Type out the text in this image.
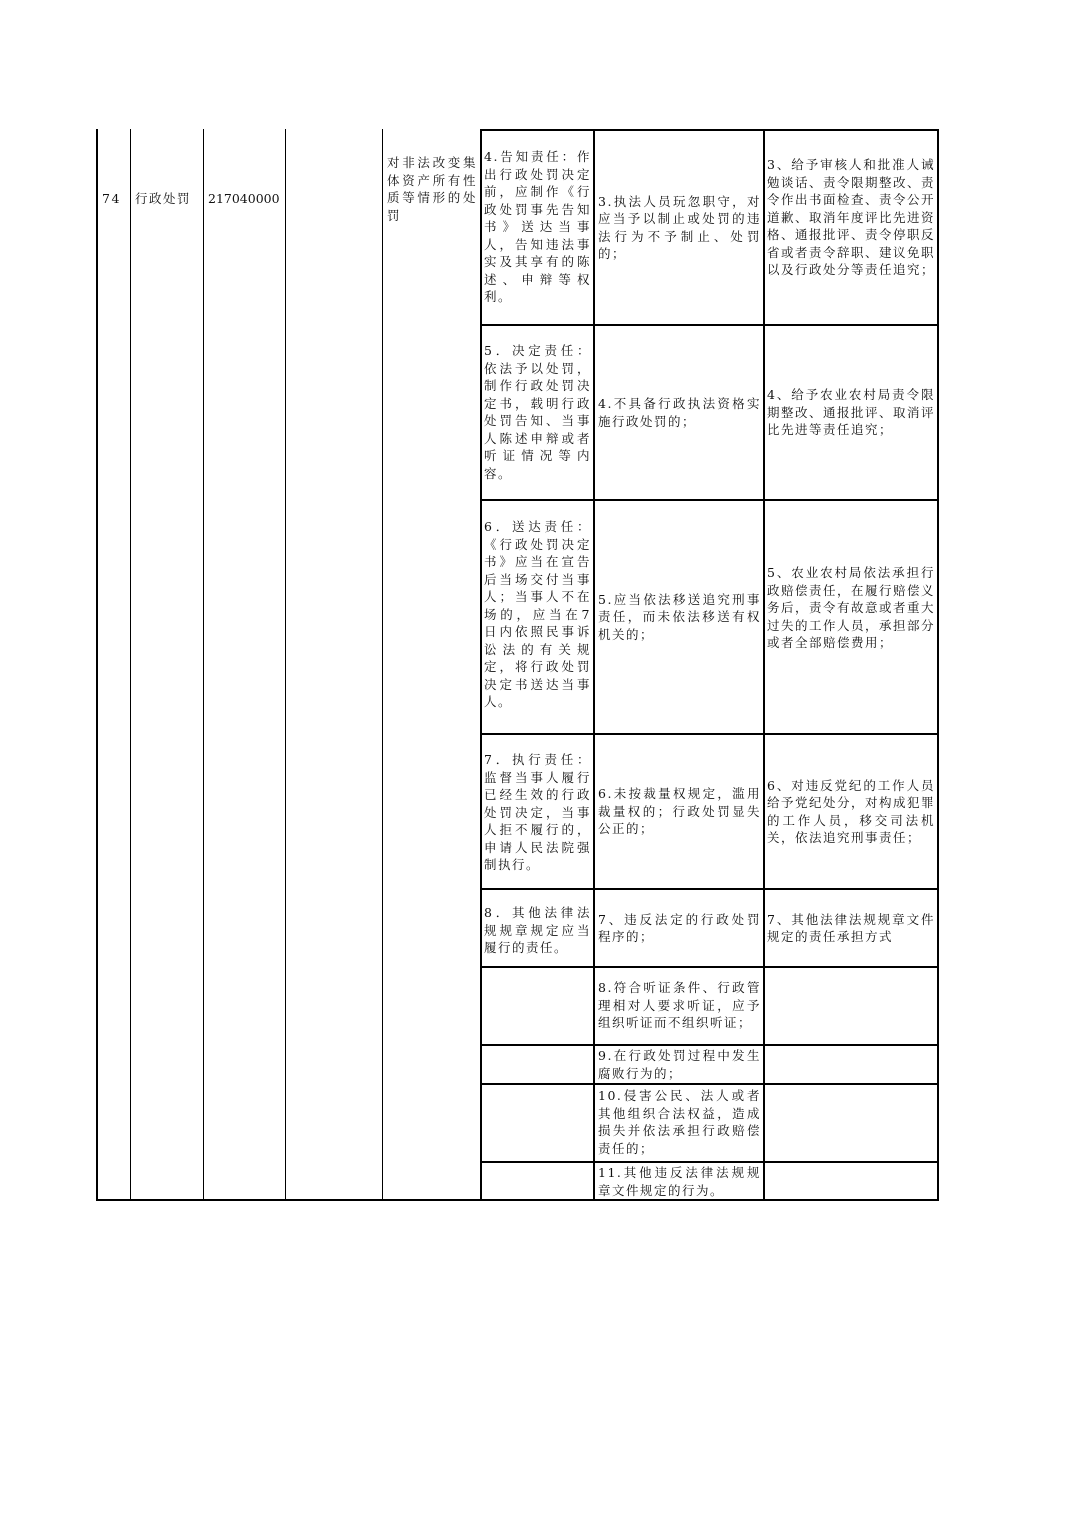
74	行政处罚	217040000
对非法改变集体资产所有性质等情形的处罚
4.告知责任：作出行政处罚决定前，应制作《行政处罚事先告知书》送达当事人，告知违法事实及其享有的陈述、申辩等权利。
3.执法人员玩忽职守，对应当予以制止或处罚的违法行为不予制止、处罚的；
3、给予审核人和批准人诫勉谈话、责令限期整改、责令作出书面检查、责令公开道歉、取消年度评比先进资格、通报批评、责令停职反省或者责令辞职、建议免职以及行政处分等责任追究；
5．决定责任：依法予以处罚，制作行政处罚决定书，载明行政处罚告知、当事人陈述申辩或者听证情况等内容。
4.不具备行政执法资格实施行政处罚的；
4、给予农业农村局责令限期整改、通报批评、取消评比先进等责任追究；
6．送达责任：《行政处罚决定书》应当在宣告后当场交付当事人；当事人不在场的，应当在7日内依照民事诉讼法的有关规定，将行政处罚决定书送达当事人。
5.应当依法移送追究刑事责任，而未依法移送有权机关的；
5、农业农村局依法承担行政赔偿责任，在履行赔偿义务后，责令有故意或者重大过失的工作人员，承担部分或者全部赔偿费用；
7．执行责任：监督当事人履行已经生效的行政处罚决定，当事人拒不履行的，申请人民法院强制执行。
6.未按裁量权规定，滥用裁量权的；行政处罚显失公正的；
6、对违反党纪的工作人员给予党纪处分，对构成犯罪的工作人员，移交司法机关，依法追究刑事责任；
8．其他法律法规规章规定应当履行的责任。
7、违反法定的行政处罚程序的；
7、其他法律法规规章文件规定的责任承担方式
8.符合听证条件、行政管理相对人要求听证，应予组织听证而不组织听证；
9.在行政处罚过程中发生腐败行为的；
10.侵害公民、法人或者其他组织合法权益，造成损失并依法承担行政赔偿责任的；
11.其他违反法律法规规章文件规定的行为。
